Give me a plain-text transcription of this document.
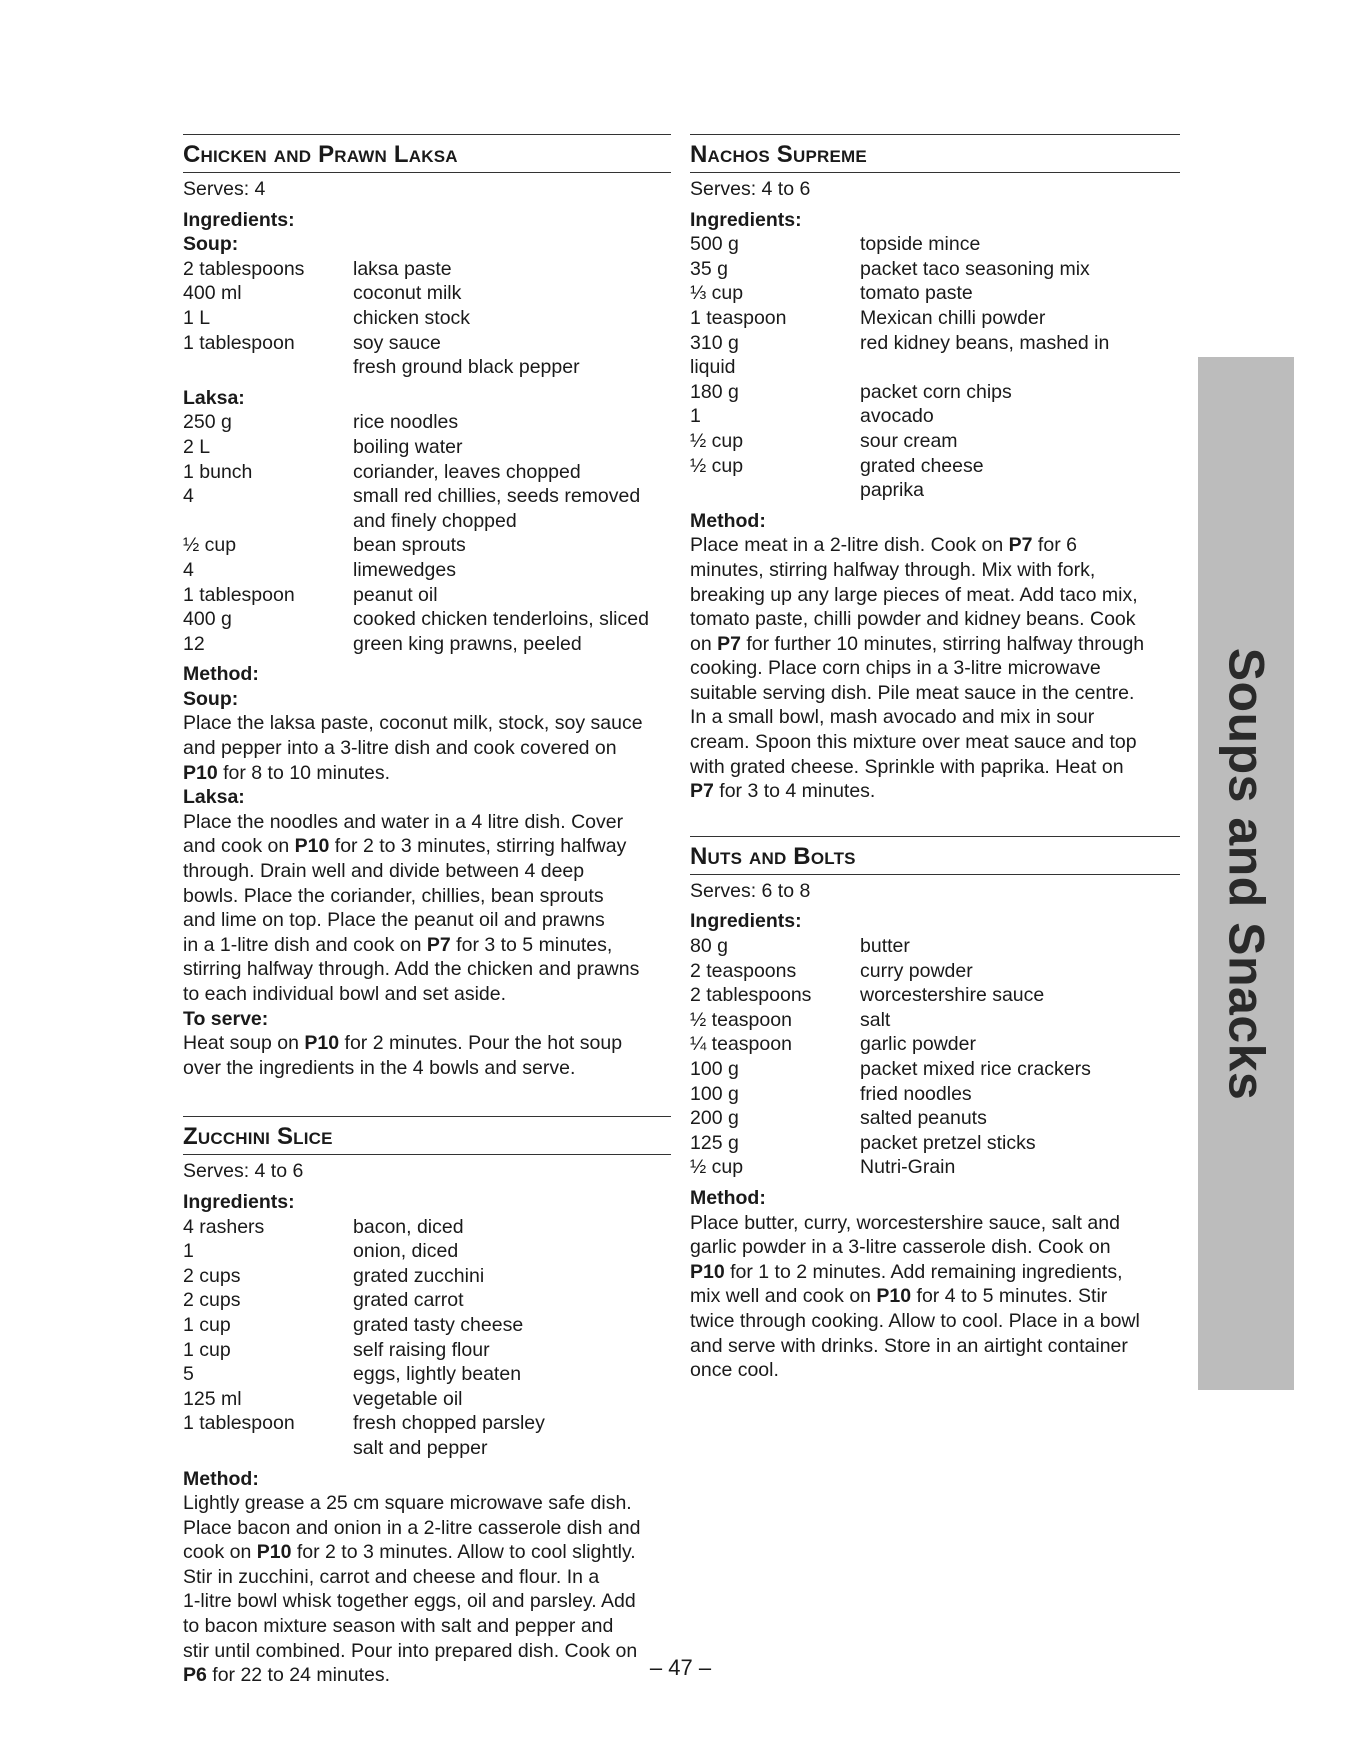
Chicken and Prawn Laksa
Serves: 4
Ingredients:
Soup:
2 tablespoons	laksa paste
400 ml	coconut milk
1 L	chicken stock
1 tablespoon	soy sauce
fresh ground black pepper
Laksa:
250 g	rice noodles
2 L	boiling water
1 bunch	coriander, leaves chopped
4	small red chillies, seeds removed
and finely chopped
½ cup	bean sprouts
4	limewedges
1 tablespoon	peanut oil
400 g	cooked chicken tenderloins, sliced
12	green king prawns, peeled
Method:
Soup:
Place the laksa paste, coconut milk, stock, soy sauce
and pepper into a 3-litre dish and cook covered on
P10 for 8 to 10 minutes.
Laksa:
Place the noodles and water in a 4 litre dish. Cover
and cook on P10 for 2 to 3 minutes, stirring halfway
through. Drain well and divide between 4 deep
bowls. Place the coriander, chillies, bean sprouts
and lime on top. Place the peanut oil and prawns
in a 1-litre dish and cook on P7 for 3 to 5 minutes,
stirring halfway through. Add the chicken and prawns
to each individual bowl and set aside.
To serve:
Heat soup on P10 for 2 minutes. Pour the hot soup
over the ingredients in the 4 bowls and serve.
Zucchini Slice
Serves: 4 to 6
Ingredients:
4 rashers	bacon, diced
1	onion, diced
2 cups	grated zucchini
2 cups	grated carrot
1 cup	grated tasty cheese
1 cup	self raising flour
5	eggs, lightly beaten
125 ml	vegetable oil
1 tablespoon	fresh chopped parsley
salt and pepper
Method:
Lightly grease a 25 cm square microwave safe dish.
Place bacon and onion in a 2-litre casserole dish and
cook on P10 for 2 to 3 minutes. Allow to cool slightly.
Stir in zucchini, carrot and cheese and flour. In a
1-litre bowl whisk together eggs, oil and parsley. Add
to bacon mixture season with salt and pepper and
stir until combined. Pour into prepared dish. Cook on
P6 for 22 to 24 minutes.
Nachos Supreme
Serves: 4 to 6
Ingredients:
500 g	topside mince
35 g	packet taco seasoning mix
⅓ cup	tomato paste
1 teaspoon	Mexican chilli powder
310 g	red kidney beans, mashed in
liquid
180 g	packet corn chips
1	avocado
½ cup	sour cream
½ cup	grated cheese
paprika
Method:
Place meat in a 2-litre dish. Cook on P7 for 6
minutes, stirring halfway through. Mix with fork,
breaking up any large pieces of meat. Add taco mix,
tomato paste, chilli powder and kidney beans. Cook
on P7 for further 10 minutes, stirring halfway through
cooking. Place corn chips in a 3-litre microwave
suitable serving dish. Pile meat sauce in the centre.
In a small bowl, mash avocado and mix in sour
cream. Spoon this mixture over meat sauce and top
with grated cheese. Sprinkle with paprika. Heat on
P7 for 3 to 4 minutes.
Nuts and Bolts
Serves: 6 to 8
Ingredients:
80 g	butter
2 teaspoons	curry powder
2 tablespoons	worcestershire sauce
½ teaspoon	salt
¼ teaspoon	garlic powder
100 g	packet mixed rice crackers
100 g	fried noodles
200 g	salted peanuts
125 g	packet pretzel sticks
½ cup	Nutri-Grain
Method:
Place butter, curry, worcestershire sauce, salt and
garlic powder in a 3-litre casserole dish. Cook on
P10 for 1 to 2 minutes. Add remaining ingredients,
mix well and cook on P10 for 4 to 5 minutes. Stir
twice through cooking. Allow to cool. Place in a bowl
and serve with drinks. Store in an airtight container
once cool.
Soups and Snacks
– 47 –
